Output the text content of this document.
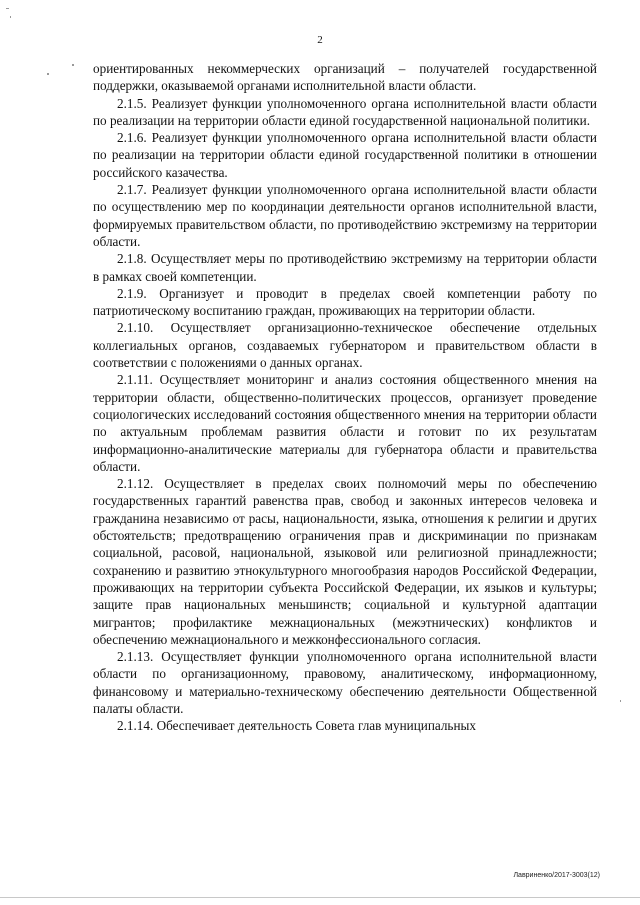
2

ориентированных некоммерческих организаций – получателей государственной поддержки, оказываемой органами исполнительной власти области.

2.1.5. Реализует функции уполномоченного органа исполнительной власти области по реализации на территории области единой государственной национальной политики.

2.1.6. Реализует функции уполномоченного органа исполнительной власти области по реализации на территории области единой государственной политики в отношении российского казачества.

2.1.7. Реализует функции уполномоченного органа исполнительной власти области по осуществлению мер по координации деятельности органов исполнительной власти, формируемых правительством области, по противодействию экстремизму на территории области.

2.1.8. Осуществляет меры по противодействию экстремизму на территории области в рамках своей компетенции.

2.1.9. Организует и проводит в пределах своей компетенции работу по патриотическому воспитанию граждан, проживающих на территории области.

2.1.10. Осуществляет организационно-техническое обеспечение отдельных коллегиальных органов, создаваемых губернатором и правительством области в соответствии с положениями о данных органах.

2.1.11. Осуществляет мониторинг и анализ состояния общественного мнения на территории области, общественно-политических процессов, организует проведение социологических исследований состояния общественного мнения на территории области по актуальным проблемам развития области и готовит по их результатам информационно-аналитические материалы для губернатора области и правительства области.

2.1.12. Осуществляет в пределах своих полномочий меры по обеспечению государственных гарантий равенства прав, свобод и законных интересов человека и гражданина независимо от расы, национальности, языка, отношения к религии и других обстоятельств; предотвращению ограничения прав и дискриминации по признакам социальной, расовой, национальной, языковой или религиозной принадлежности; сохранению и развитию этнокультурного многообразия народов Российской Федерации, проживающих на территории субъекта Российской Федерации, их языков и культуры; защите прав национальных меньшинств; социальной и культурной адаптации мигрантов; профилактике межнациональных (межэтнических) конфликтов и обеспечению межнационального и межконфессионального согласия.

2.1.13. Осуществляет функции уполномоченного органа исполнительной власти области по организационному, правовому, аналитическому, информационному, финансовому и материально-техническому обеспечению деятельности Общественной палаты области.

2.1.14. Обеспечивает деятельность Совета глав муниципальных

Лавриненко/2017-3003(12)
